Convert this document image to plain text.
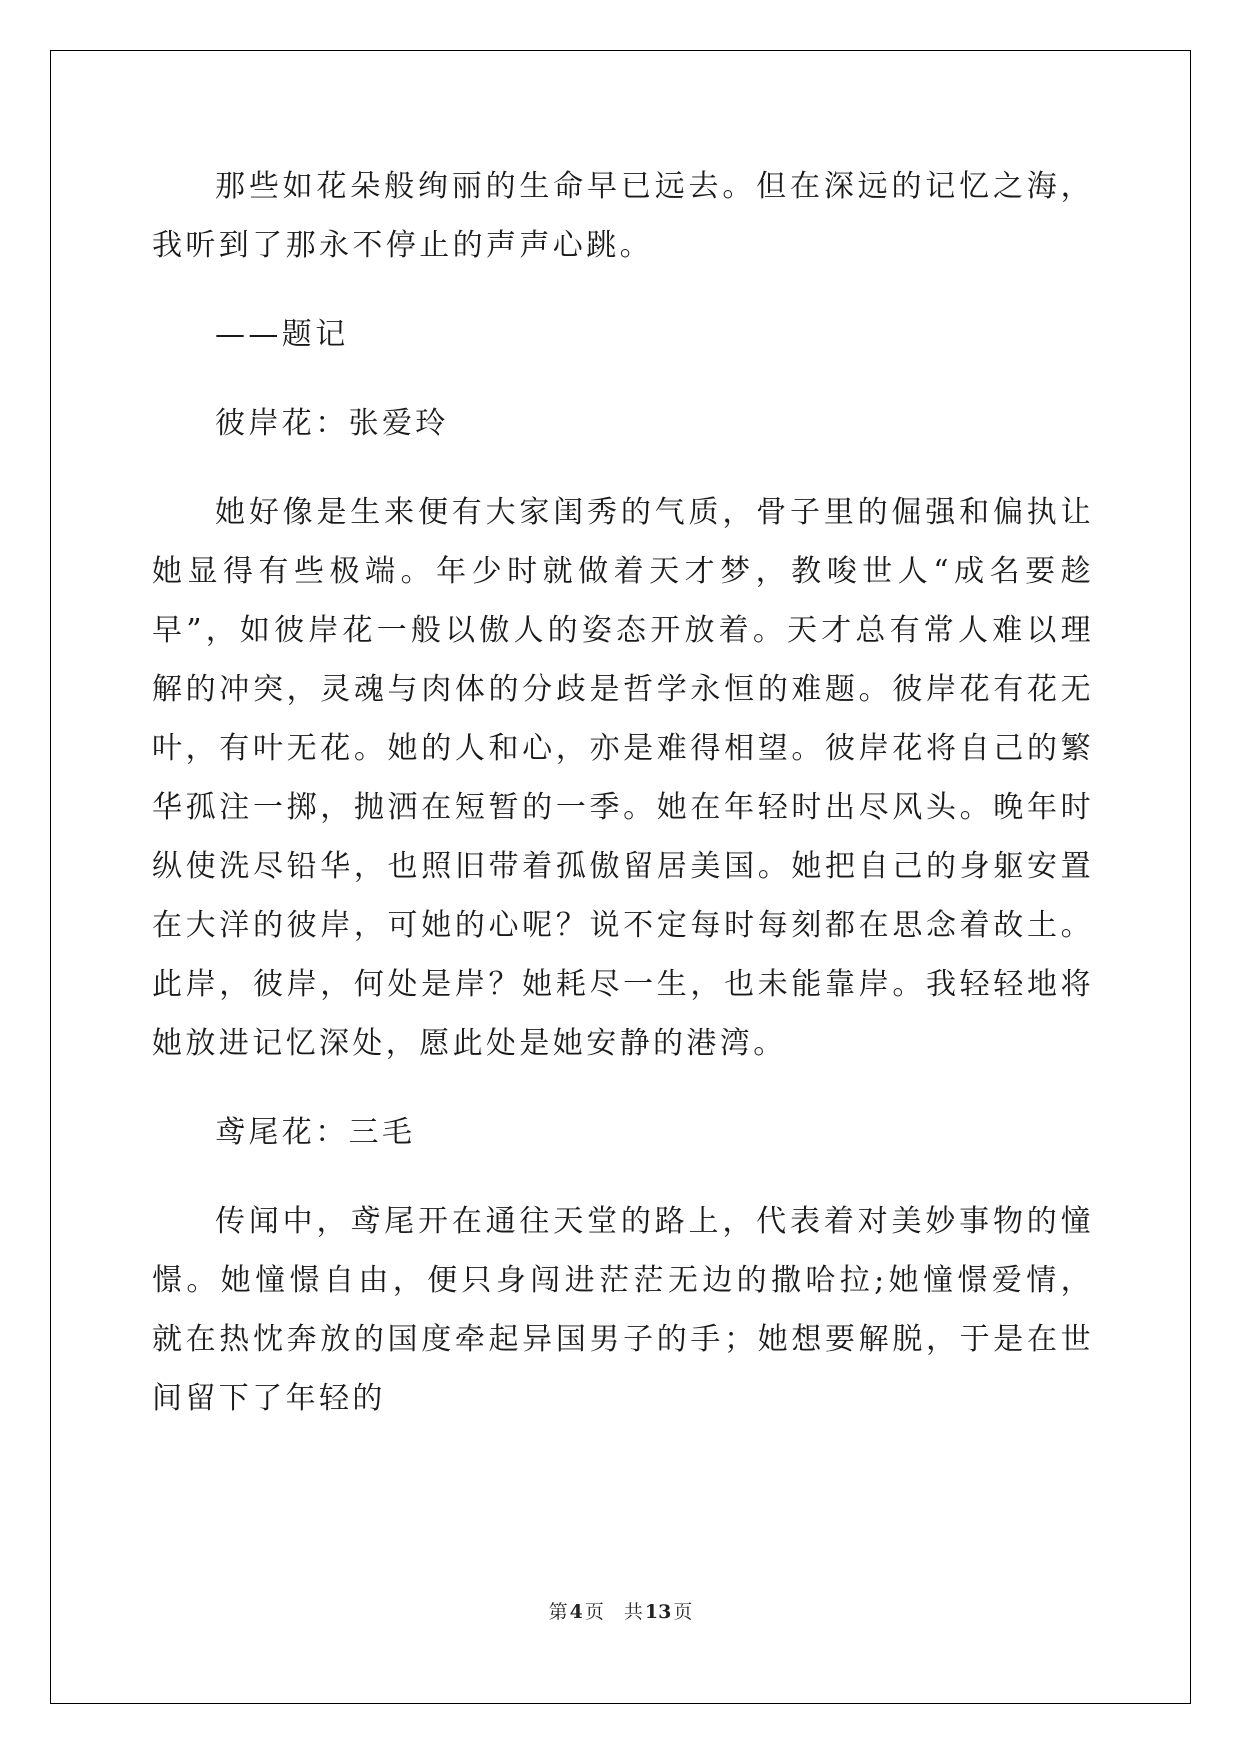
那些如花朵般绚丽的生命早已远去。但在深远的记忆之海，我听到了那永不停止的声声心跳。

——题记

彼岸花：张爱玲

她好像是生来便有大家闺秀的气质，骨子里的倔强和偏执让她显得有些极端。年少时就做着天才梦，教唆世人“成名要趁早”，如彼岸花一般以傲人的姿态开放着。天才总有常人难以理解的冲突，灵魂与肉体的分歧是哲学永恒的难题。彼岸花有花无叶，有叶无花。她的人和心，亦是难得相望。彼岸花将自己的繁华孤注一掷，抛洒在短暂的一季。她在年轻时出尽风头。晚年时纵使洗尽铅华，也照旧带着孤傲留居美国。她把自己的身躯安置在大洋的彼岸，可她的心呢？说不定每时每刻都在思念着故土。此岸，彼岸，何处是岸？她耗尽一生，也未能靠岸。我轻轻地将她放进记忆深处，愿此处是她安静的港湾。

鸢尾花：三毛

传闻中，鸢尾开在通往天堂的路上，代表着对美妙事物的憧憬。她憧憬自由，便只身闯进茫茫无边的撒哈拉;她憧憬爱情，就在热忱奔放的国度牵起异国男子的手；她想要解脱，于是在世间留下了年轻的

第 4 页 共 13 页
